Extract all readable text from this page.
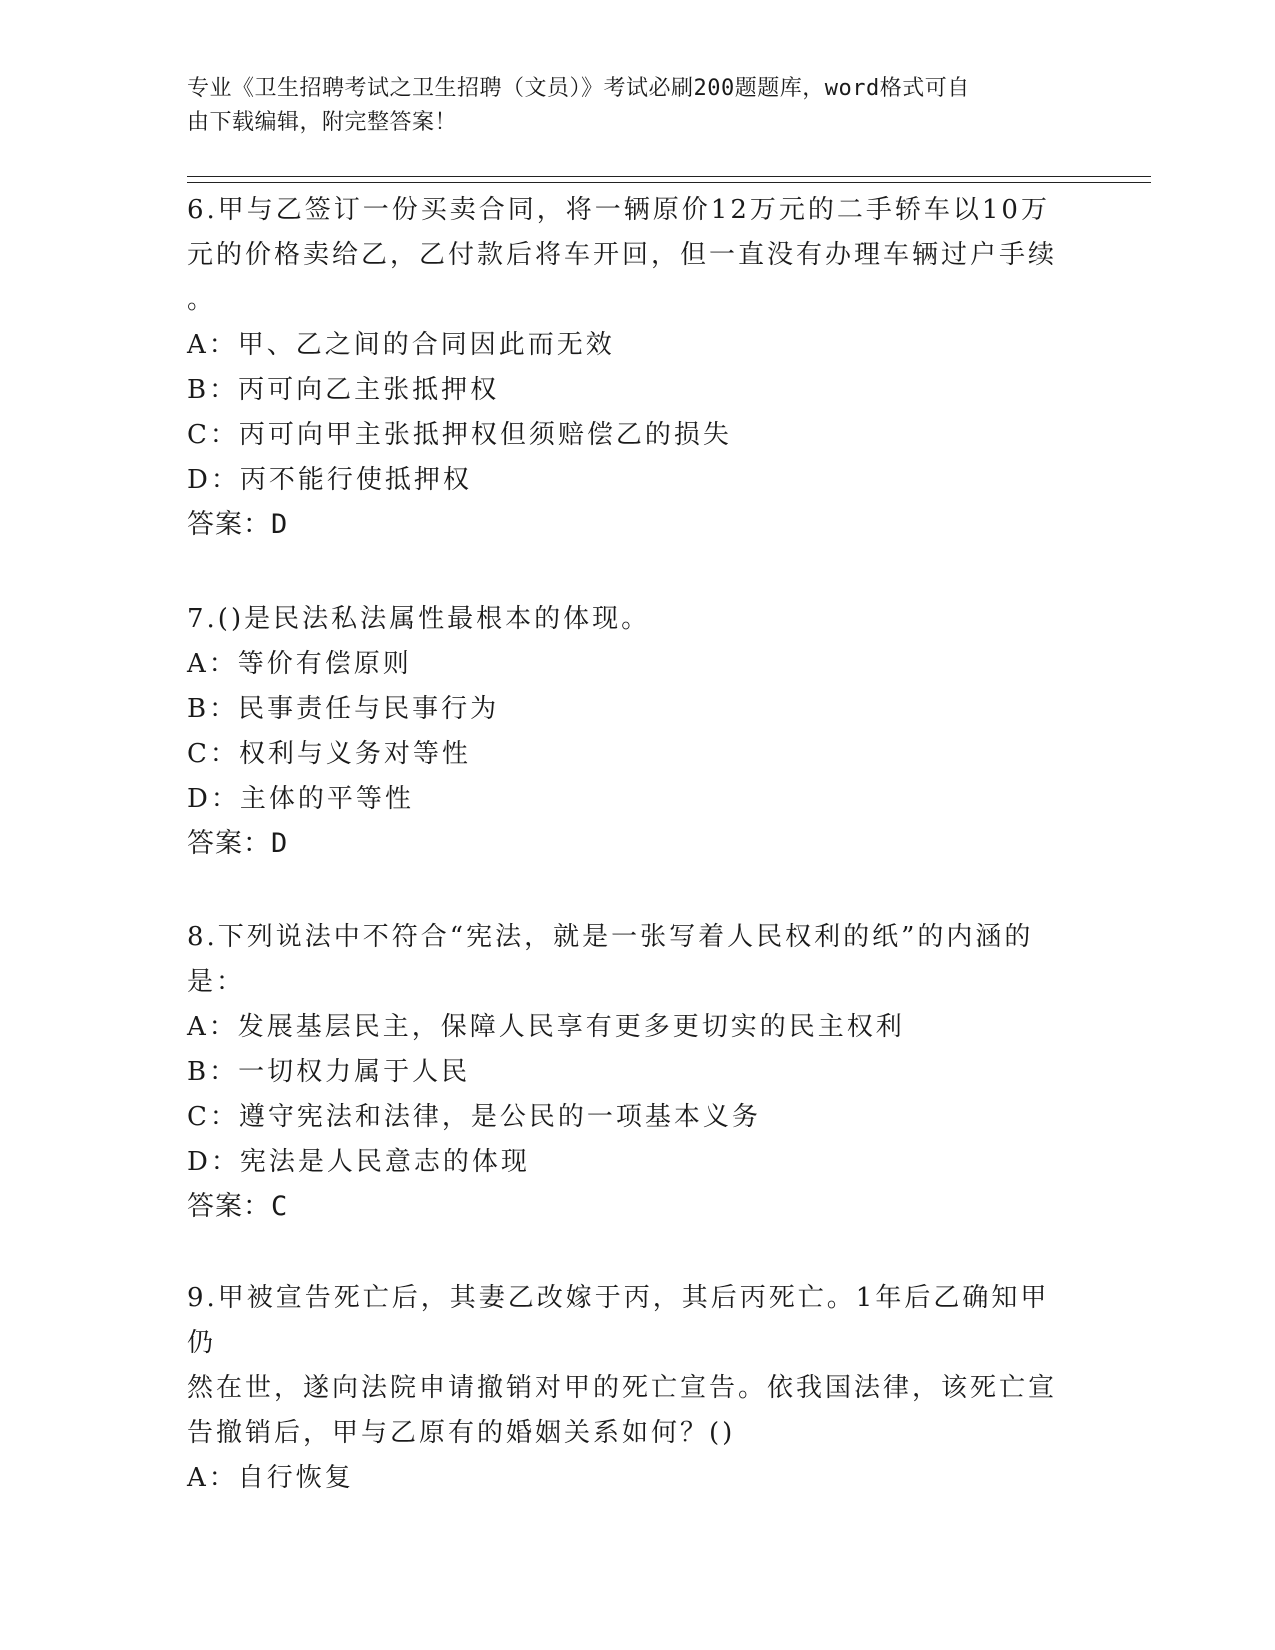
专业《卫生招聘考试之卫生招聘（文员）》考试必刷200题题库，word格式可自
由下载编辑，附完整答案！

6.甲与乙签订一份买卖合同，将一辆原价12万元的二手轿车以10万

元的价格卖给乙，乙付款后将车开回，但一直没有办理车辆过户手续

。

A：甲、乙之间的合同因此而无效

B：丙可向乙主张抵押权

C：丙可向甲主张抵押权但须赔偿乙的损失

D：丙不能行使抵押权

答案：D

7.()是民法私法属性最根本的体现。

A：等价有偿原则

B：民事责任与民事行为

C：权利与义务对等性

D：主体的平等性

答案：D

8.下列说法中不符合“宪法，就是一张写着人民权利的纸”的内涵的

是：

A：发展基层民主，保障人民享有更多更切实的民主权利

B：一切权力属于人民

C：遵守宪法和法律，是公民的一项基本义务

D：宪法是人民意志的体现

答案：C

9.甲被宣告死亡后，其妻乙改嫁于丙，其后丙死亡。1年后乙确知甲仍

然在世，遂向法院申请撤销对甲的死亡宣告。依我国法律，该死亡宣

告撤销后，甲与乙原有的婚姻关系如何？()

A：自行恢复
